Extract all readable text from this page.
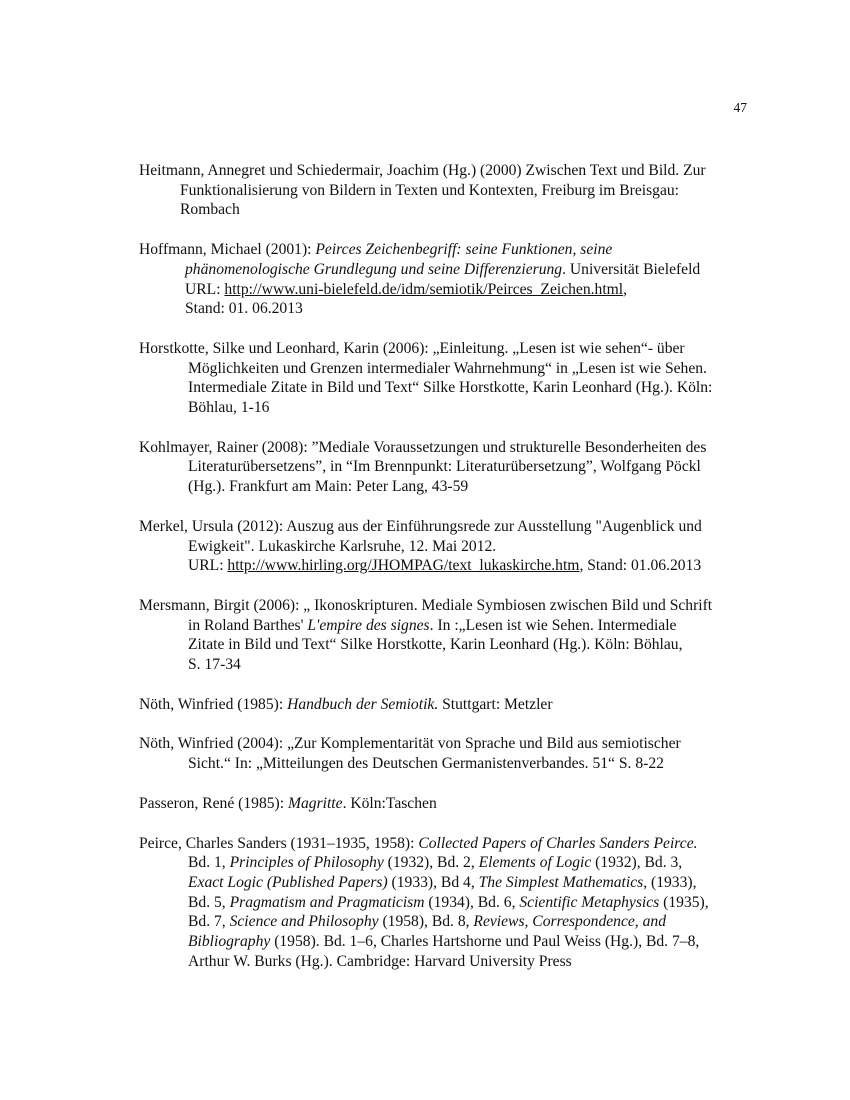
47
Heitmann, Annegret und Schiedermair, Joachim (Hg.) (2000) Zwischen Text und Bild. Zur
Funktionalisierung von Bildern in Texten und Kontexten, Freiburg im Breisgau:
Rombach
Hoffmann, Michael (2001): Peirces Zeichenbegriff: seine Funktionen, seine
phänomenologische Grundlegung und seine Differenzierung. Universität Bielefeld
URL: http://www.uni-bielefeld.de/idm/semiotik/Peirces_Zeichen.html,
Stand: 01. 06.2013
Horstkotte, Silke und Leonhard, Karin (2006): „Einleitung. „Lesen ist wie sehen“- über
Möglichkeiten und Grenzen intermedialer Wahrnehmung“ in „Lesen ist wie Sehen.
Intermediale Zitate in Bild und Text“ Silke Horstkotte, Karin Leonhard (Hg.). Köln:
Böhlau, 1-16
Kohlmayer, Rainer (2008): ”Mediale Voraussetzungen und strukturelle Besonderheiten des
Literaturübersetzens”, in “Im Brennpunkt: Literaturübersetzung”, Wolfgang Pöckl
(Hg.). Frankfurt am Main: Peter Lang, 43-59
Merkel, Ursula (2012): Auszug aus der Einführungsrede zur Ausstellung "Augenblick und
Ewigkeit". Lukaskirche Karlsruhe, 12. Mai 2012.
URL: http://www.hirling.org/JHOMPAG/text_lukaskirche.htm, Stand: 01.06.2013
Mersmann, Birgit (2006): „ Ikonoskripturen. Mediale Symbiosen zwischen Bild und Schrift
in Roland Barthes' L'empire des signes. In :„Lesen ist wie Sehen. Intermediale
Zitate in Bild und Text“ Silke Horstkotte, Karin Leonhard (Hg.). Köln: Böhlau,
S. 17-34
Nöth, Winfried (1985): Handbuch der Semiotik. Stuttgart: Metzler
Nöth, Winfried (2004): „Zur Komplementarität von Sprache und Bild aus semiotischer
Sicht.“ In: „Mitteilungen des Deutschen Germanistenverbandes. 51“ S. 8-22
Passeron, René (1985): Magritte. Köln:Taschen
Peirce, Charles Sanders (1931–1935, 1958): Collected Papers of Charles Sanders Peirce.
Bd. 1, Principles of Philosophy (1932), Bd. 2, Elements of Logic (1932), Bd. 3,
Exact Logic (Published Papers) (1933), Bd 4, The Simplest Mathematics, (1933),
Bd. 5, Pragmatism and Pragmaticism (1934), Bd. 6, Scientific Metaphysics (1935),
Bd. 7, Science and Philosophy (1958), Bd. 8, Reviews, Correspondence, and
Bibliography (1958). Bd. 1–6, Charles Hartshorne und Paul Weiss (Hg.), Bd. 7–8,
Arthur W. Burks (Hg.). Cambridge: Harvard University Press
